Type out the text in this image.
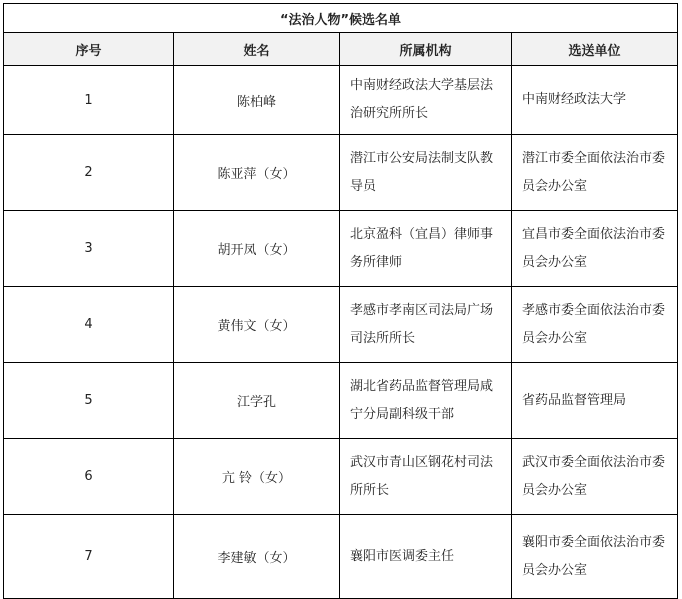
“法治人物”候选名单			
序号	姓名	所属机构	选送单位
1	陈柏峰	中南财经政法大学基层法治研究所所长	中南财经政法大学
2	陈亚萍（女）	潜江市公安局法制支队教导员	潜江市委全面依法治市委员会办公室
3	胡开凤（女）	北京盈科（宜昌）律师事务所律师	宜昌市委全面依法治市委员会办公室
4	黄伟文（女）	孝感市孝南区司法局广场司法所所长	孝感市委全面依法治市委员会办公室
5	江学孔	湖北省药品监督管理局咸宁分局副科级干部	省药品监督管理局
6	亢 铃（女）	武汉市青山区钢花村司法所所长	武汉市委全面依法治市委员会办公室
7	李建敏（女）	襄阳市医调委主任	襄阳市委全面依法治市委员会办公室
